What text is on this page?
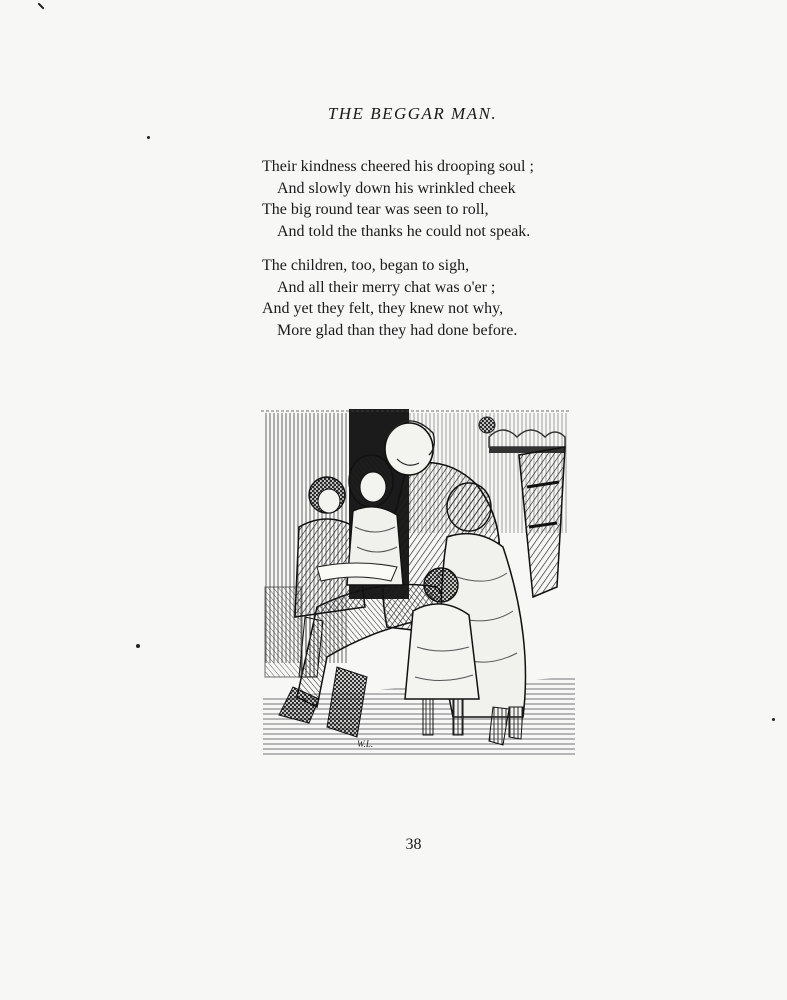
THE BEGGAR MAN.
Their kindness cheered his drooping soul ;
And slowly down his wrinkled cheek
The big round tear was seen to roll,
And told the thanks he could not speak.
The children, too, began to sigh,
And all their merry chat was o'er ;
And yet they felt, they knew not why,
More glad than they had done before.
W.L.
38
